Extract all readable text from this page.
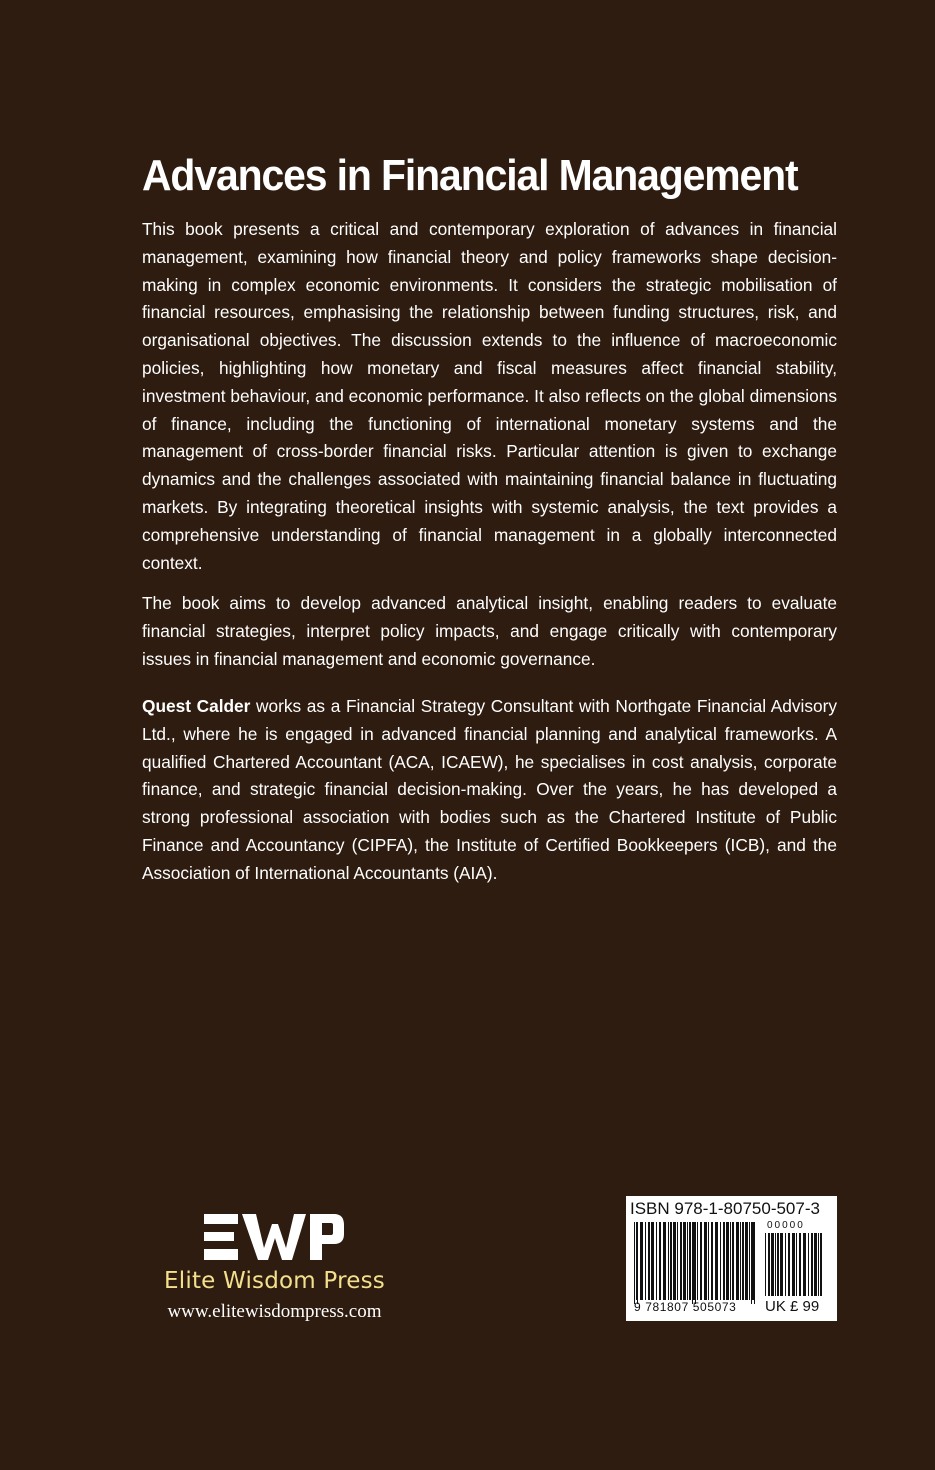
Advances in Financial Management

This book presents a critical and contemporary exploration of advances in financial management, examining how financial theory and policy frameworks shape decision-making in complex economic environments. It considers the strategic mobilisation of financial resources, emphasising the relationship between funding structures, risk, and organisational objectives. The discussion extends to the influence of macroeconomic policies, highlighting how monetary and fiscal measures affect financial stability, investment behaviour, and economic performance. It also reflects on the global dimensions of finance, including the functioning of international monetary systems and the management of cross-border financial risks. Particular attention is given to exchange dynamics and the challenges associated with maintaining financial balance in fluctuating markets. By integrating theoretical insights with systemic analysis, the text provides a comprehensive understanding of financial management in a globally interconnected context.

The book aims to develop advanced analytical insight, enabling readers to evaluate financial strategies, interpret policy impacts, and engage critically with contemporary issues in financial management and economic governance.

Quest Calder works as a Financial Strategy Consultant with Northgate Financial Advisory Ltd., where he is engaged in advanced financial planning and analytical frameworks. A qualified Chartered Accountant (ACA, ICAEW), he specialises in cost analysis, corporate finance, and strategic financial decision-making. Over the years, he has developed a strong professional association with bodies such as the Chartered Institute of Public Finance and Accountancy (CIPFA), the Institute of Certified Bookkeepers (ICB), and the Association of International Accountants (AIA).

Elite Wisdom Press
www.elitewisdompress.com
ISBN 978-1-80750-507-3
00000
9 781807 505073 UK £ 99
